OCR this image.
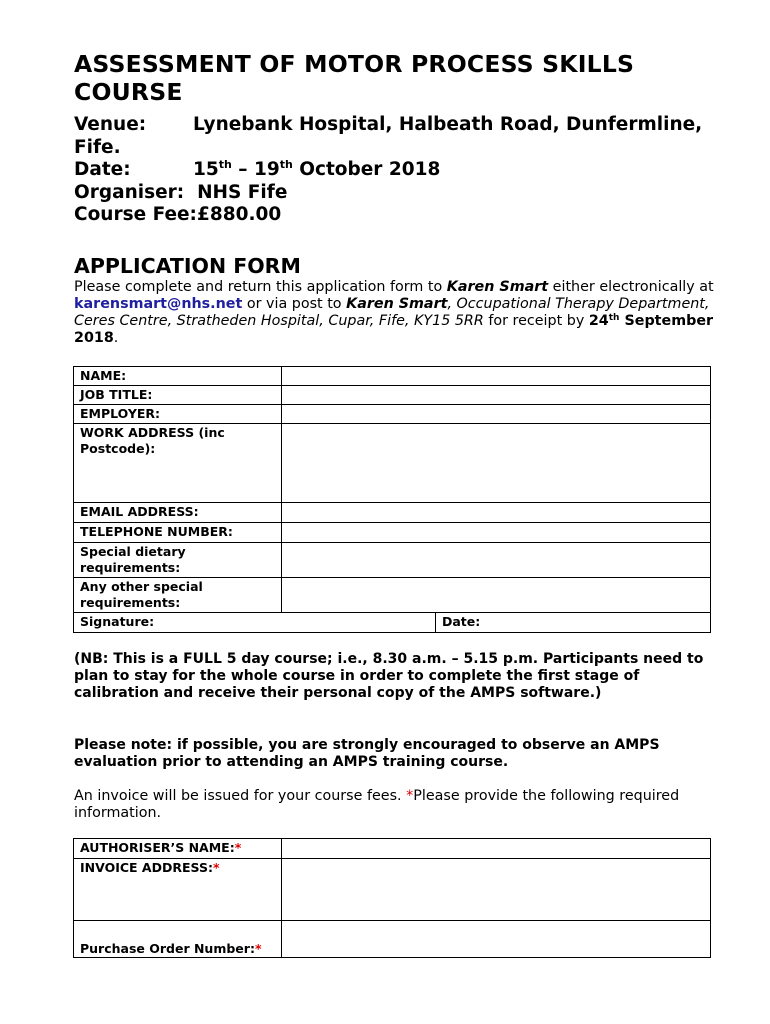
ASSESSMENT OF MOTOR PROCESS SKILLS COURSE
Venue:	Lynebank Hospital, Halbeath Road, Dunfermline, Fife.
Date:	15th – 19th October 2018
Organiser: NHS Fife
Course Fee:£880.00
APPLICATION FORM
Please complete and return this application form to Karen Smart either electronically at karensmart@nhs.net or via post to Karen Smart, Occupational Therapy Department, Ceres Centre, Stratheden Hospital, Cupar, Fife, KY15 5RR for receipt by 24th September 2018.
NAME:		
JOB TITLE:		
EMPLOYER:		
WORK ADDRESS (inc Postcode):		
EMAIL ADDRESS:		
TELEPHONE NUMBER:		
Special dietary requirements:		
Any other special requirements:		
Signature:		Date:
(NB: This is a FULL 5 day course; i.e., 8.30 a.m. – 5.15 p.m. Participants need to plan to stay for the whole course in order to complete the first stage of calibration and receive their personal copy of the AMPS software.)
Please note: if possible, you are strongly encouraged to observe an AMPS evaluation prior to attending an AMPS training course.
An invoice will be issued for your course fees. *Please provide the following required information.
AUTHORISER’S NAME:*	
INVOICE ADDRESS:*	
Purchase Order Number:*	
